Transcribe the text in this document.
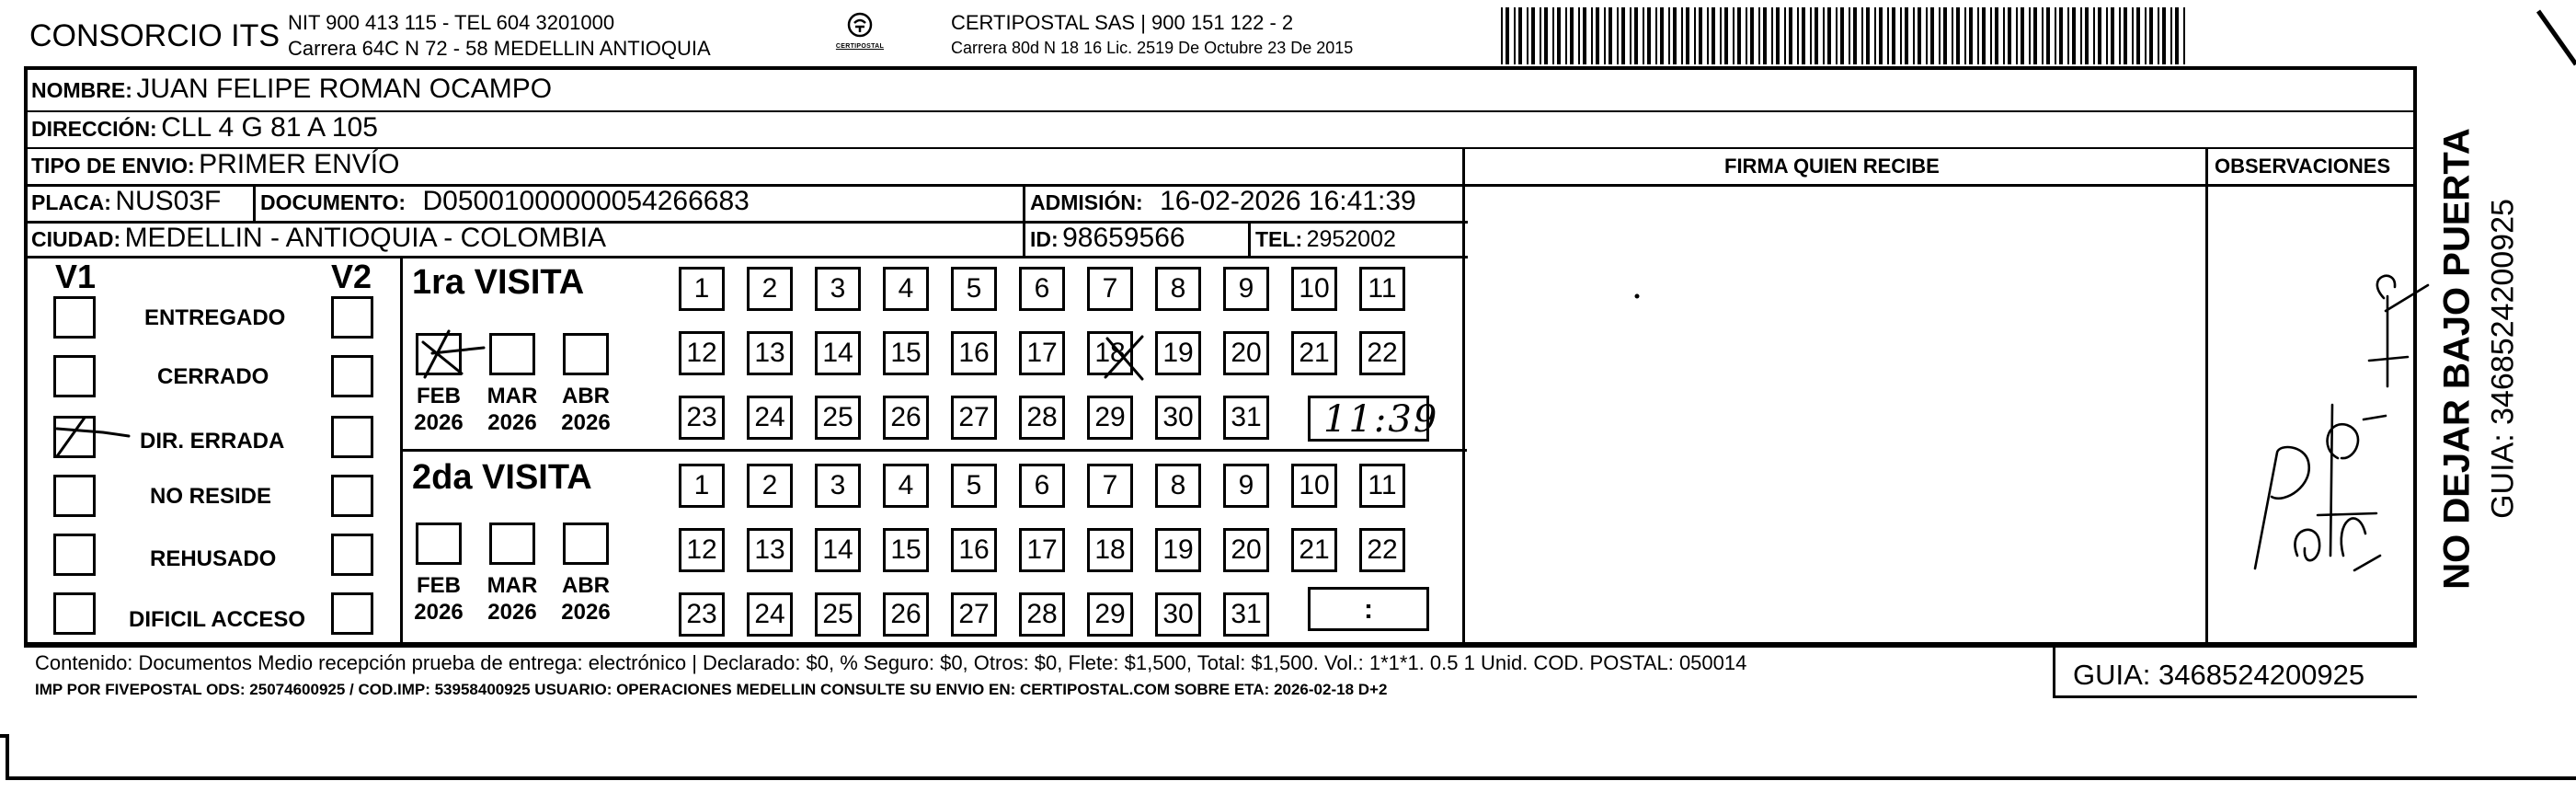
CONSORCIO ITS NIT 900 413 115 - TEL 604 3201000
Carrera 64C N 72 - 58 MEDELLIN ANTIOQUIA	CERTIPOSTAL
CERTIPOSTAL SAS | 900 151 122 - 2
Carrera 80d N 18 16 Lic. 2519 De Octubre 23 De 2015
NOMBRE: JUAN FELIPE ROMAN OCAMPO
DIRECCIÓN: CLL 4 G 81 A 105
TIPO DE ENVIO: PRIMER ENVÍO	FIRMA QUIEN RECIBE	OBSERVACIONES
PLACA: NUS03F DOCUMENTO: D05001000000054266683	ADMISIÓN: 16-02-2026 16:41:39
CIUDAD: MEDELLIN - ANTIOQUIA - COLOMBIA	ID: 98659566	TEL: 2952002
V1	V2
ENTREGADO
CERRADO
DIR. ERRADA
NO RESIDE
REHUSADO
DIFICIL ACCESO
1ra VISITA
FEB
2026
MAR
2026
ABR
2026
1	2	3	4	5	6	7	8	9	10	11
12 13 14 15 16 17 18 19 20 21 22
23 24 25 26 27 28 29 30 31 11:39
2da VISITA
FEB
2026
MAR
2026
ABR
2026
1	2	3	4	5	6	7	8	9	10	11
12 13 14 15 16 17 18 19 20 21 22
23 24 25 26 27 28 29 30 31	:
Contenido: Documentos Medio recepción prueba de entrega: electrónico | Declarado: $0, % Seguro: $0, Otros: $0, Flete: $1,500, Total: $1,500. Vol.: 1*1*1. 0.5 1 Unid. COD. POSTAL: 050014
IMP POR FIVEPOSTAL ODS: 25074600925 / COD.IMP: 53958400925 USUARIO: OPERACIONES MEDELLIN CONSULTE SU ENVIO EN: CERTIPOSTAL.COM SOBRE ETA: 2026-02-18 D+2	GUIA: 3468524200925
NO DEJAR BAJO PUERTA GUIA: 3468524200925
